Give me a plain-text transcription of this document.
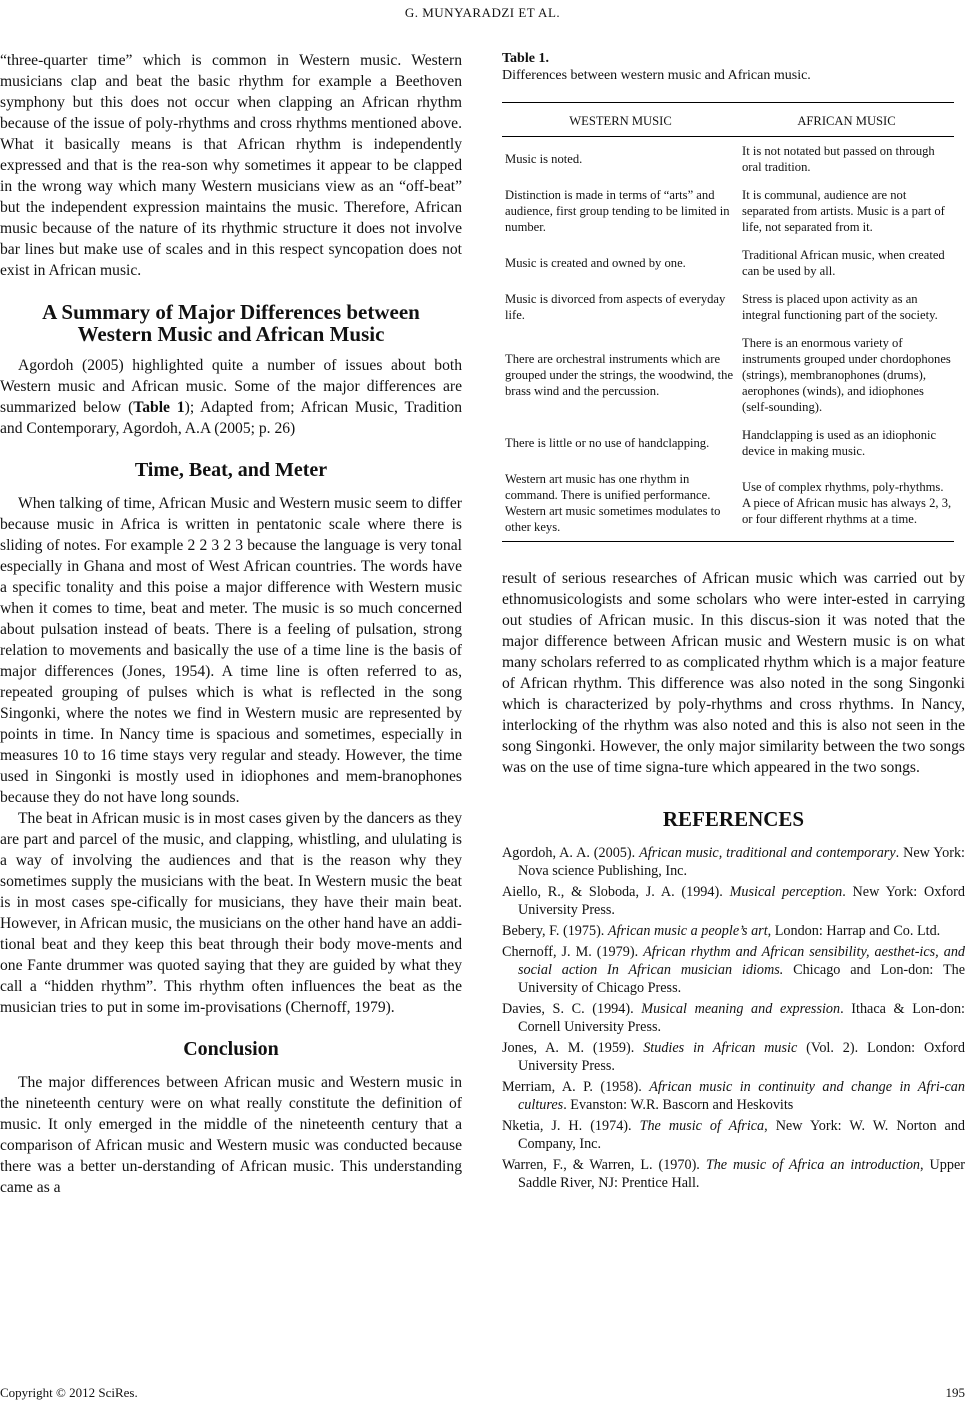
G. MUNYARADZI ET AL.

“three-quarter time” which is common in Western music. Western musicians clap and beat the basic rhythm for example a Beethoven symphony but this does not occur when clapping an African rhythm because of the issue of poly-rhythms and cross rhythms mentioned above. What it basically means is that African rhythm is independently expressed and that is the rea-son why sometimes it appear to be clapped in the wrong way which many Western musicians view as an “off-beat” but the independent expression maintains the music. Therefore, African music because of the nature of its rhythmic structure it does not involve bar lines but make use of scales and in this respect syncopation does not exist in African music.

A Summary of Major Differences between Western Music and African Music

Agordoh (2005) highlighted quite a number of issues about both Western music and African music. Some of the major differences are summarized below (Table 1); Adapted from; African Music, Tradition and Contemporary, Agordoh, A.A (2005; p. 26)

Time, Beat, and Meter

When talking of time, African Music and Western music seem to differ because music in Africa is written in pentatonic scale where there is sliding of notes. For example 2 2 3 2 3 because the language is very tonal especially in Ghana and most of West African countries. The words have a specific tonality and this poise a major difference with Western music when it comes to time, beat and meter. The music is so much concerned about pulsation instead of beats. There is a feeling of pulsation, strong relation to movements and basically the use of a time line is the basis of major differences (Jones, 1954). A time line is often referred to as, repeated grouping of pulses which is what is reflected in the song Singonki, where the notes we find in Western music are represented by points in time. In Nancy time is spacious and sometimes, especially in measures 10 to 16 time stays very regular and steady. However, the time used in Singonki is mostly used in idiophones and mem-branophones because they do not have long sounds.

The beat in African music is in most cases given by the dancers as they are part and parcel of the music, and clapping, whistling, and ululating is a way of involving the audiences and that is the reason why they sometimes supply the musicians with the beat. In Western music the beat is in most cases spe-cifically for musicians, they have their main beat. However, in African music, the musicians on the other hand have an addi-tional beat and they keep this beat through their body move-ments and one Fante drummer was quoted saying that they are guided by what they call a “hidden rhythm”. This rhythm often influences the beat as the musician tries to put in some im-provisations (Chernoff, 1979).

Conclusion

The major differences between African music and Western music in the nineteenth century were on what really constitute the definition of music. It only emerged in the middle of the nineteenth century that a comparison of African music and Western music was conducted because there was a better un-derstanding of African music. This understanding came as a

Table 1.

Differences between western music and African music.

WESTERN MUSIC	AFRICAN MUSIC
Music is noted.	It is not notated but passed on through oral tradition.
Distinction is made in terms of “arts” and audience, first group tending to be limited in number.	It is communal, audience are not separated from artists. Music is a part of life, not separated from it.
Music is created and owned by one.	Traditional African music, when created can be used by all.
Music is divorced from aspects of everyday life.	Stress is placed upon activity as an integral functioning part of the society.
There are orchestral instruments which are grouped under the strings, the woodwind, the brass wind and the percussion.	There is an enormous variety of instruments grouped under chordophones (strings), membranophones (drums), aerophones (winds), and idiophones (self-sounding).
There is little or no use of handclapping.	Handclapping is used as an idiophonic device in making music.
Western art music has one rhythm in command. There is unified performance. Western art music sometimes modulates to other keys.	Use of complex rhythms, poly-rhythms. A piece of African music has always 2, 3, or four different rhythms at a time.

result of serious researches of African music which was carried out by ethnomusicologists and some scholars who were inter-ested in carrying out studies of African music. In this discus-sion it was noted that the major difference between African music and Western music is on what many scholars referred to as complicated rhythm which is a major feature of African rhythm. This difference was also noted in the song Singonki which is characterized by poly-rhythms and cross rhythms. In Nancy, interlocking of the rhythm was also noted and this is also not seen in the song Singonki. However, the only major similarity between the two songs was on the use of time signa-ture which appeared in the two songs.

REFERENCES

Agordoh, A. A. (2005). African music, traditional and contemporary. New York: Nova science Publishing, Inc.

Aiello, R., & Sloboda, J. A. (1994). Musical perception. New York: Oxford University Press.

Bebery, F. (1975). African music a people’s art, London: Harrap and Co. Ltd.

Chernoff, J. M. (1979). African rhythm and African sensibility, aesthet-ics, and social action In African musician idioms. Chicago and Lon-don: The University of Chicago Press.

Davies, S. C. (1994). Musical meaning and expression. Ithaca & Lon-don: Cornell University Press.

Jones, A. M. (1959). Studies in African music (Vol. 2). London: Oxford University Press.

Merriam, A. P. (1958). African music in continuity and change in Afri-can cultures. Evanston: W.R. Bascorn and Heskovits

Nketia, J. H. (1974). The music of Africa, New York: W. W. Norton and Company, Inc.

Warren, F., & Warren, L. (1970). The music of Africa an introduction, Upper Saddle River, NJ: Prentice Hall.

Copyright © 2012 SciRes.	195
